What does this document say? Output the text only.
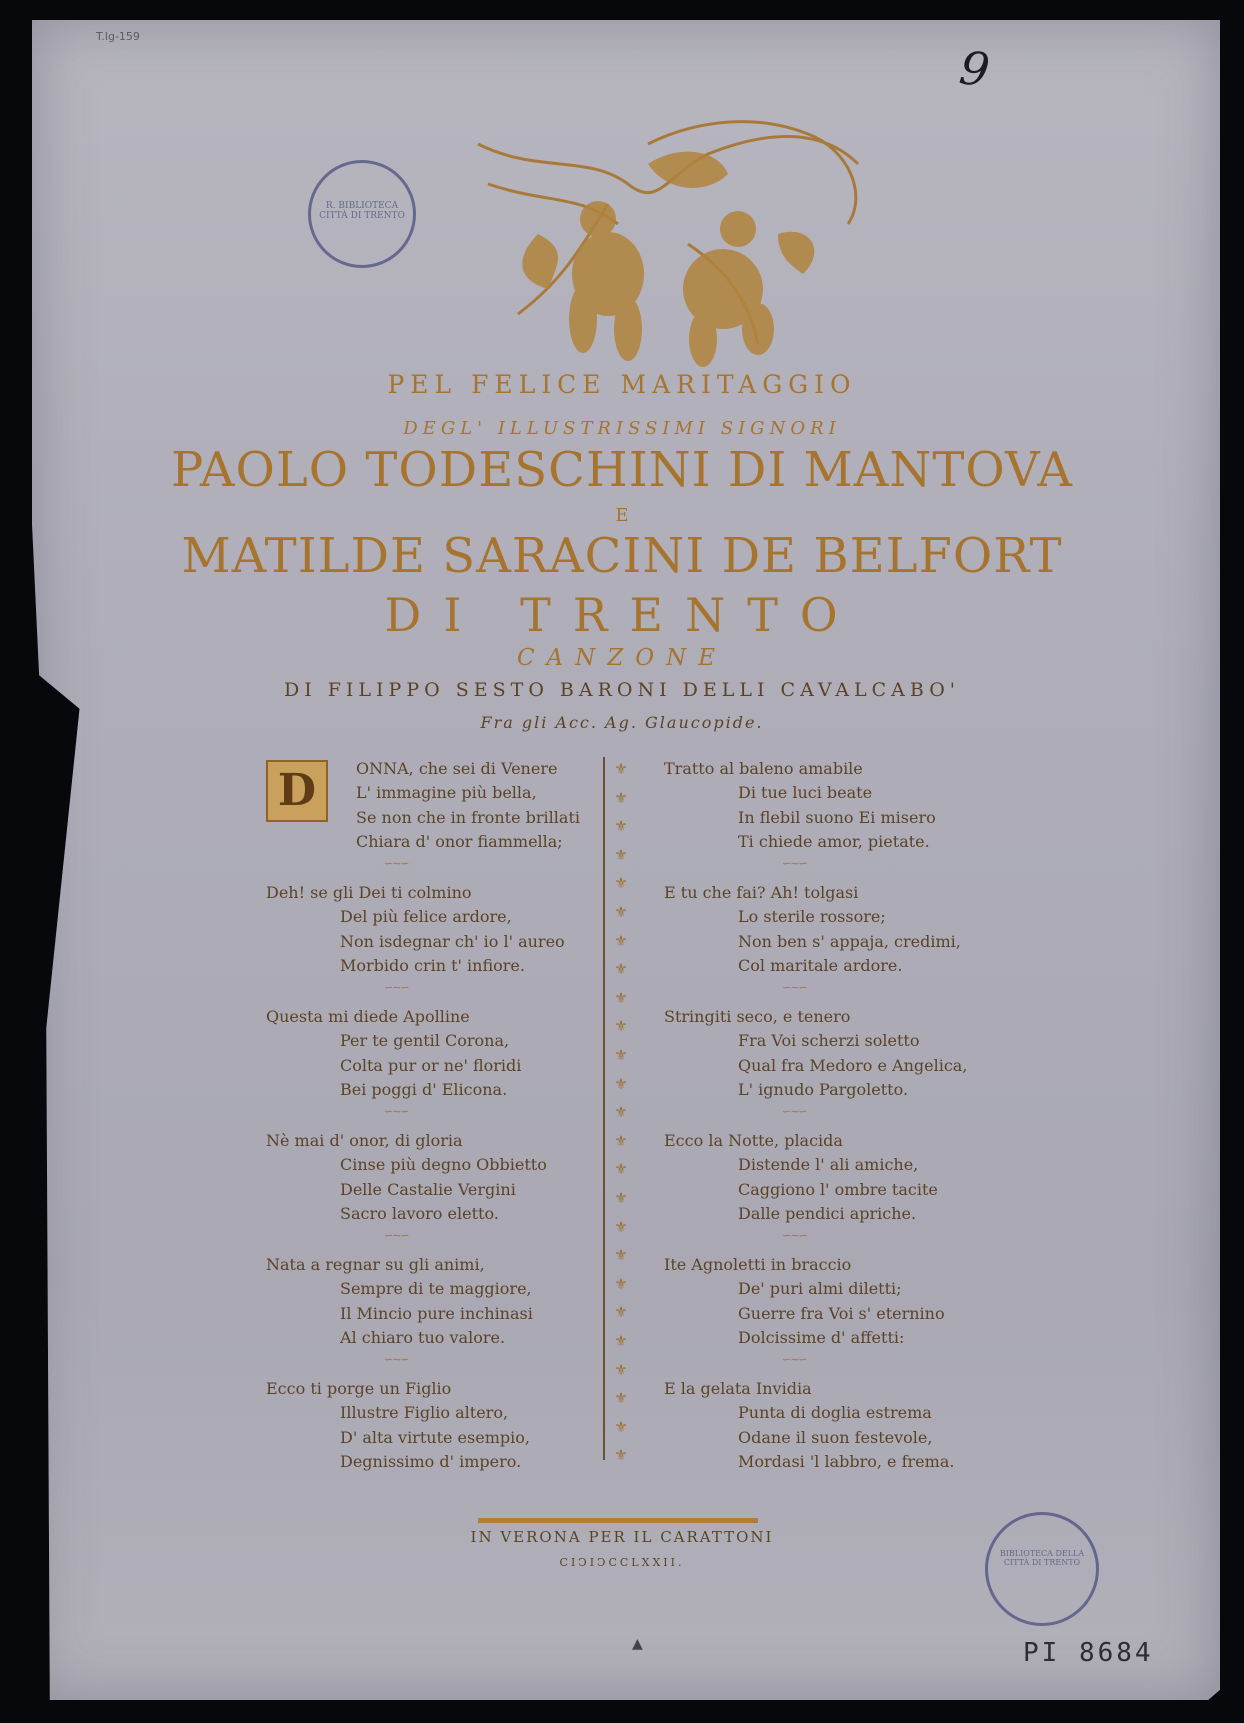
T.lg-159
9
R. BIBLIOTECA CITTÀ DI TRENTO
PEL FELICE MARITAGGIO
DEGL' ILLUSTRISSIMI SIGNORI
PAOLO TODESCHINI DI MANTOVA
E
MATILDE SARACINI DE BELFORT
DI TRENTO
CANZONE
DI FILIPPO SESTO BARONI DELLI CAVALCABO'
Fra gli Acc. Ag. Glaucopide.
D	ONNA, che sei di Venere
L' immagine più bella,
Se non che in fronte brillati
Chiara d' onor fiammella;
∽∼∽
Deh! se gli Dei ti colmino
Del più felice ardore,
Non isdegnar ch' io l' aureo
Morbido crin t' infiore.
∽∼∽
Questa mi diede Apolline
Per te gentil Corona,
Colta pur or ne' floridi
Bei poggi d' Elicona.
∽∼∽
Nè mai d' onor, di gloria
Cinse più degno Obbietto
Delle Castalie Vergini
Sacro lavoro eletto.
∽∼∽
Nata a regnar su gli animi,
Sempre di te maggiore,
Il Mincio pure inchinasi
Al chiaro tuo valore.
∽∼∽
Ecco ti porge un Figlio
Illustre Figlio altero,
D' alta virtute esempio,
Degnissimo d' impero.
⚜
⚜
⚜
⚜
⚜
⚜
⚜
⚜
⚜
⚜
⚜
⚜
⚜
⚜
⚜
⚜
⚜
⚜
⚜
⚜
⚜
⚜
⚜
⚜
⚜
Tratto al baleno amabile
Di tue luci beate
In flebil suono Ei misero
Ti chiede amor, pietate.
∽∼∽
E tu che fai? Ah! tolgasi
Lo sterile rossore;
Non ben s' appaja, credimi,
Col maritale ardore.
∽∼∽
Stringiti seco, e tenero
Fra Voi scherzi soletto
Qual fra Medoro e Angelica,
L' ignudo Pargoletto.
∽∼∽
Ecco la Notte, placida
Distende l' ali amiche,
Caggiono l' ombre tacite
Dalle pendici apriche.
∽∼∽
Ite Agnoletti in braccio
De' puri almi diletti;
Guerre fra Voi s' eternino
Dolcissime d' affetti:
∽∼∽
E la gelata Invidia
Punta di doglia estrema
Odane il suon festevole,
Mordasi 'l labbro, e frema.
IN VERONA PER IL CARATTONI
CIↃIↃCCLXXII.
BIBLIOTECA DELLA CITTÀ DI TRENTO
▲	PI 8684
